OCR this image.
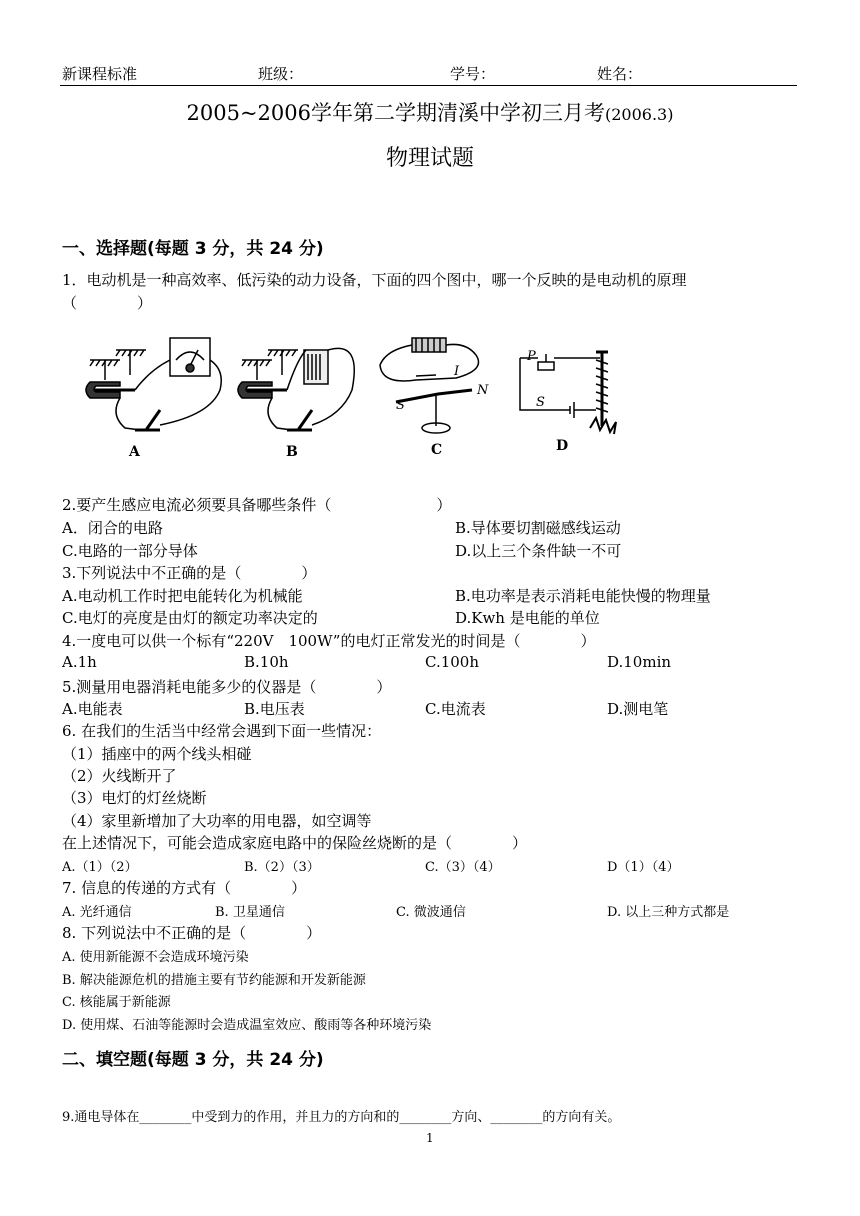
新课程标准	班级：	学号：	姓名：
2005~2006学年第二学期清溪中学初三月考(2006.3)
物理试题
一、选择题(每题 3 分，共 24 分)
1．电动机是一种高效率、低污染的动力设备，下面的四个图中，哪一个反映的是电动机的原理
（　　　　）
I
N
S
P
S
A	B	C	D
2.要产生感应电流必须要具备哪些条件（　　　　　　　）
A．闭合的电路	B.导体要切割磁感线运动
C.电路的一部分导体	D.以上三个条件缺一不可
3.下列说法中不正确的是（　　　　）
A.电动机工作时把电能转化为机械能	B.电功率是表示消耗电能快慢的物理量
C.电灯的亮度是由灯的额定功率决定的	D.Kwh 是电能的单位
4.一度电可以供一个标有“220V　100W”的电灯正常发光的时间是（　　　　）
A.1h	B.10h	C.100h	D.10min
5.测量用电器消耗电能多少的仪器是（　　　　）
A.电能表	B.电压表	C.电流表	D.测电笔
6. 在我们的生活当中经常会遇到下面一些情况：
（1）插座中的两个线头相碰
（2）火线断开了
（3）电灯的灯丝烧断
（4）家里新增加了大功率的用电器，如空调等
在上述情况下，可能会造成家庭电路中的保险丝烧断的是（　　　　）
A.（1）（2）	B.（2）（3）	C.（3）（4）	D（1）（4）
7. 信息的传递的方式有（　　　　）
A. 光纤通信	B. 卫星通信	C. 微波通信	D. 以上三种方式都是
8. 下列说法中不正确的是（　　　　）
A. 使用新能源不会造成环境污染
B. 解决能源危机的措施主要有节约能源和开发新能源
C. 核能属于新能源
D. 使用煤、石油等能源时会造成温室效应、酸雨等各种环境污染
二、填空题(每题 3 分，共 24 分)
9.通电导体在________中受到力的作用，并且力的方向和的________方向、________的方向有关。
1
